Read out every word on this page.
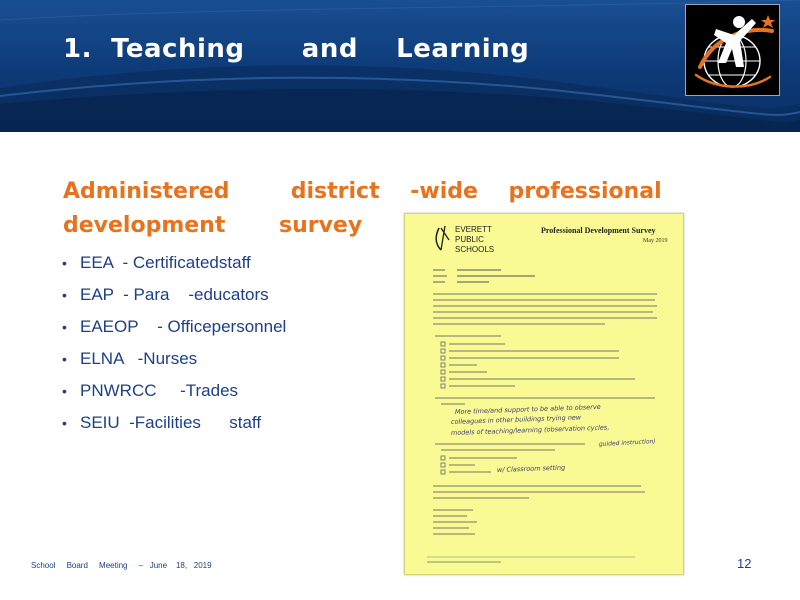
1.  Teaching      and    Learning
Administered        district    -wide    professional
development       survey
• EEA  - Certificatedstaff
• EAP  - Para    -educators
• EAEOP    - Officepersonnel
• ELNA   -Nurses
• PNWRCC     -Trades
• SEIU  -Facilities      staff
EVERETT
PUBLIC
SCHOOLS
Professional Development Survey
May 2019
More time/and support to be able to observe
colleagues in other buildings trying new
models of teaching/learning (observation cycles,
guided instruction)
w/ Classroom setting
School     Board     Meeting     –   June    18,   2019	12
